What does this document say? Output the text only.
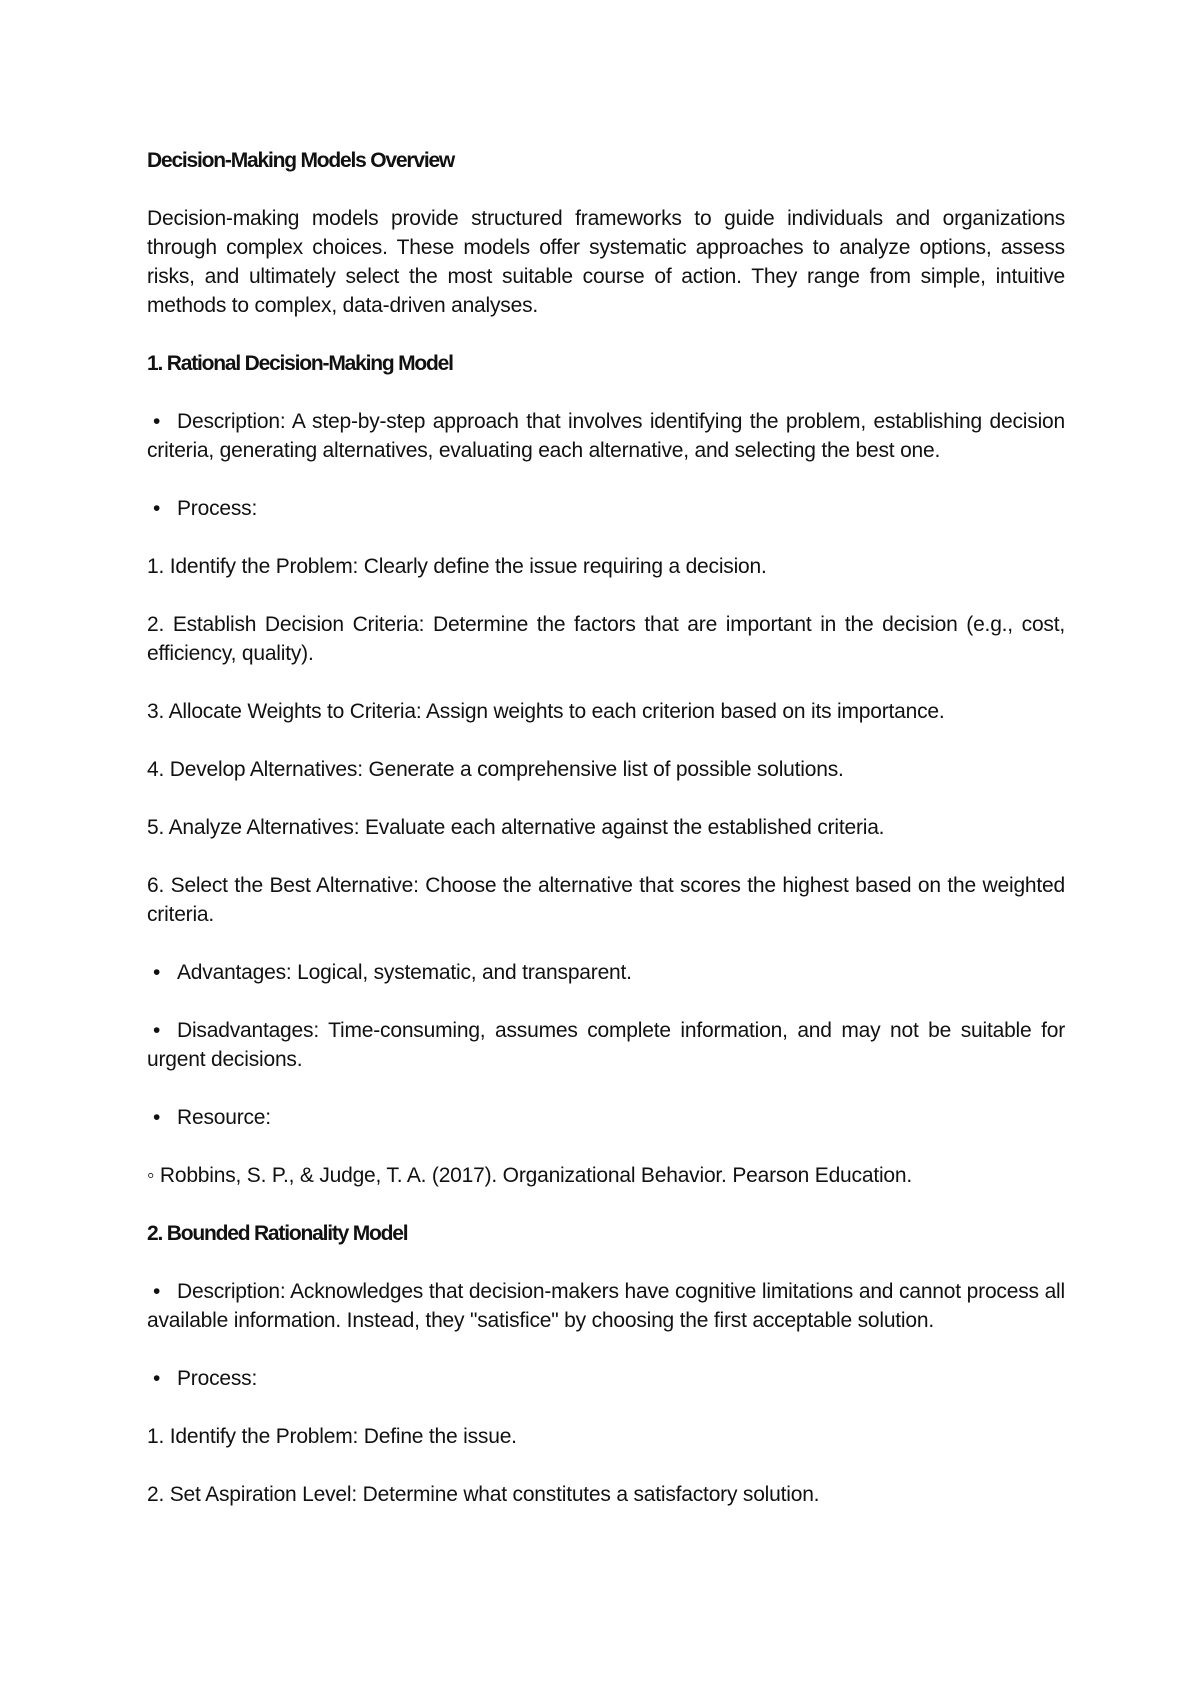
Decision-Making Models Overview

Decision-making models provide structured frameworks to guide individuals and organizations through complex choices. These models offer systematic approaches to analyze options, assess risks, and ultimately select the most suitable course of action. They range from simple, intuitive methods to complex, data-driven analyses.

1. Rational Decision-Making Model

• Description: A step-by-step approach that involves identifying the problem, establishing decision criteria, generating alternatives, evaluating each alternative, and selecting the best one.

• Process:

1. Identify the Problem: Clearly define the issue requiring a decision.

2. Establish Decision Criteria: Determine the factors that are important in the decision (e.g., cost, efficiency, quality).

3. Allocate Weights to Criteria: Assign weights to each criterion based on its importance.

4. Develop Alternatives: Generate a comprehensive list of possible solutions.

5. Analyze Alternatives: Evaluate each alternative against the established criteria.

6. Select the Best Alternative: Choose the alternative that scores the highest based on the weighted criteria.

• Advantages: Logical, systematic, and transparent.

• Disadvantages: Time-consuming, assumes complete information, and may not be suitable for urgent decisions.

• Resource:

◦ Robbins, S. P., & Judge, T. A. (2017). Organizational Behavior. Pearson Education.

2. Bounded Rationality Model

• Description: Acknowledges that decision-makers have cognitive limitations and cannot process all available information. Instead, they "satisfice" by choosing the first acceptable solution.

• Process:

1. Identify the Problem: Define the issue.

2. Set Aspiration Level: Determine what constitutes a satisfactory solution.
